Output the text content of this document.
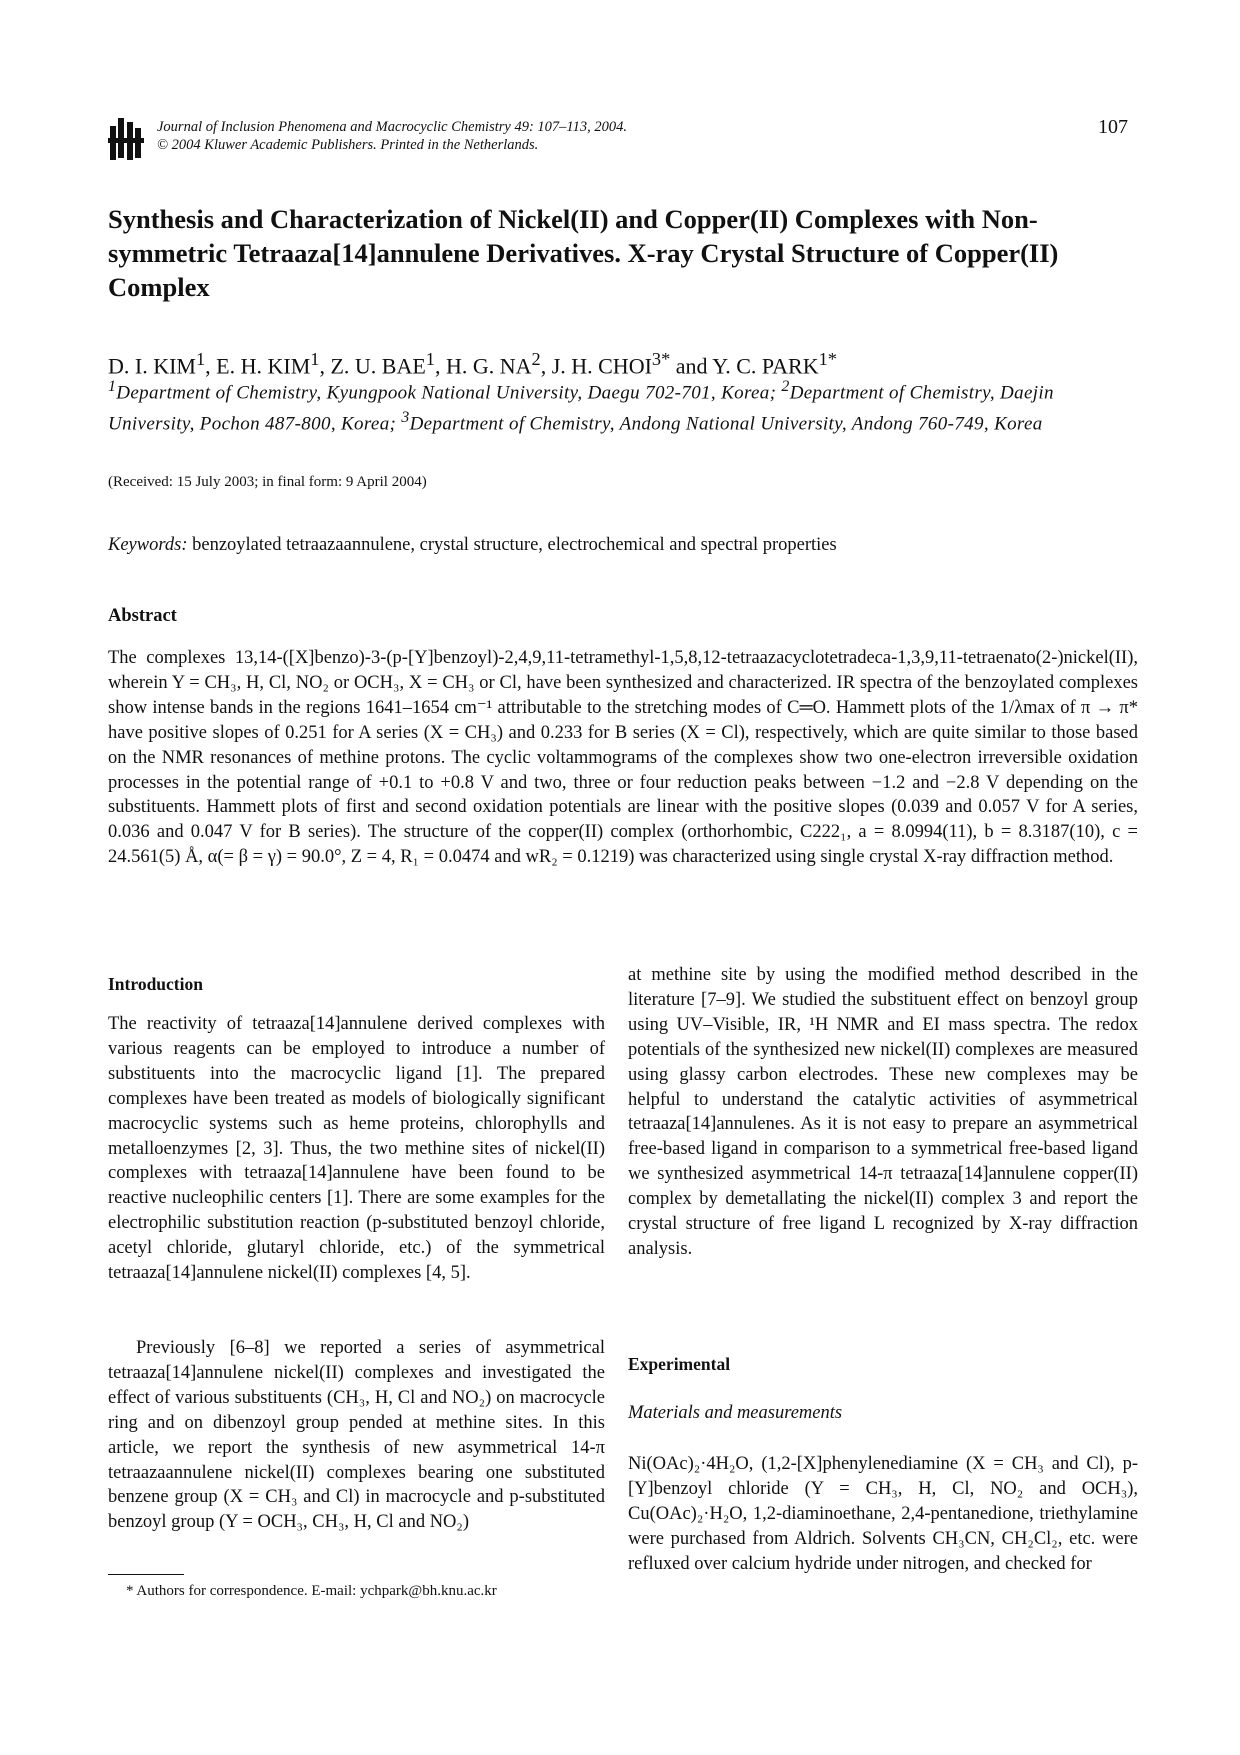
Journal of Inclusion Phenomena and Macrocyclic Chemistry 49: 107–113, 2004.
© 2004 Kluwer Academic Publishers. Printed in the Netherlands.
107
Synthesis and Characterization of Nickel(II) and Copper(II) Complexes with Non-symmetric Tetraaza[14]annulene Derivatives. X-ray Crystal Structure of Copper(II) Complex
D. I. KIM$^1$, E. H. KIM$^1$, Z. U. BAE$^1$, H. G. $NA^2$, J. H. $CHOI^{3*}$ and Y. C. $PARK^{1*}$
$^1$Department of Chemistry, Kyungpook National University, Daegu 702-701, Korea; $^2$Department of Chemistry, Daejin University, Pochon 487-800, Korea; $^3$Department of Chemistry, Andong National University, Andong 760-749, Korea
(Received: 15 July 2003; in final form: 9 April 2004)
Keywords: benzoylated tetraazaannulene, crystal structure, electrochemical and spectral properties
Abstract
The complexes 13,14-([X]benzo)-3-(p-[Y]benzoyl)-2,4,9,11-tetramethyl-1,5,8,12-tetraazacyclotetradeca-1,3,9,11-tetraenato(2-)nickel(II), wherein Y = CH₃, H, Cl, NO₂ or OCH₃, X = CH₃ or Cl, have been synthesized and characterized. IR spectra of the benzoylated complexes show intense bands in the regions 1641–1654 cm⁻¹ attributable to the stretching modes of C═O. Hammett plots of the 1/λmax of π → π* have positive slopes of 0.251 for A series (X = CH₃) and 0.233 for B series (X = Cl), respectively, which are quite similar to those based on the NMR resonances of methine protons. The cyclic voltammograms of the complexes show two one-electron irreversible oxidation processes in the potential range of +0.1 to +0.8 V and two, three or four reduction peaks between −1.2 and −2.8 V depending on the substituents. Hammett plots of first and second oxidation potentials are linear with the positive slopes (0.039 and 0.057 V for A series, 0.036 and 0.047 V for B series). The structure of the copper(II) complex (orthorhombic, C222₁, a = 8.0994(11), b = 8.3187(10), c = 24.561(5) Å, α(= β = γ) = 90.0°, Z = 4, R₁ = 0.0474 and wR₂ = 0.1219) was characterized using single crystal X-ray diffraction method.
Introduction
The reactivity of tetraaza[14]annulene derived complexes with various reagents can be employed to introduce a number of substituents into the macrocyclic ligand [1]. The prepared complexes have been treated as models of biologically significant macrocyclic systems such as heme proteins, chlorophylls and metalloenzymes [2, 3]. Thus, the two methine sites of nickel(II) complexes with tetraaza[14]annulene have been found to be reactive nucleophilic centers [1]. There are some examples for the electrophilic substitution reaction (p-substituted benzoyl chloride, acetyl chloride, glutaryl chloride, etc.) of the symmetrical tetraaza[14]annulene nickel(II) complexes [4, 5].
Previously [6–8] we reported a series of asymmetrical tetraaza[14]annulene nickel(II) complexes and investigated the effect of various substituents (CH₃, H, Cl and NO₂) on macrocycle ring and on dibenzoyl group pended at methine sites. In this article, we report the synthesis of new asymmetrical 14-π tetraazaannulene nickel(II) complexes bearing one substituted benzene group (X = CH₃ and Cl) in macrocycle and p-substituted benzoyl group (Y = OCH₃, CH₃, H, Cl and NO₂)
* Authors for correspondence. E-mail: ychpark@bh.knu.ac.kr
at methine site by using the modified method described in the literature [7–9]. We studied the substituent effect on benzoyl group using UV–Visible, IR, ¹H NMR and EI mass spectra. The redox potentials of the synthesized new nickel(II) complexes are measured using glassy carbon electrodes. These new complexes may be helpful to understand the catalytic activities of asymmetrical tetraaza[14]annulenes. As it is not easy to prepare an asymmetrical free-based ligand in comparison to a symmetrical free-based ligand we synthesized asymmetrical 14-π tetraaza[14]annulene copper(II) complex by demetallating the nickel(II) complex 3 and report the crystal structure of free ligand L recognized by X-ray diffraction analysis.
Experimental
Materials and measurements
Ni(OAc)₂·4H₂O, (1,2-[X]phenylenediamine (X = CH₃ and Cl), p-[Y]benzoyl chloride (Y = CH₃, H, Cl, NO₂ and OCH₃), Cu(OAc)₂·H₂O, 1,2-diaminoethane, 2,4-pentanedione, triethylamine were purchased from Aldrich. Solvents CH₃CN, CH₂Cl₂, etc. were refluxed over calcium hydride under nitrogen, and checked for
